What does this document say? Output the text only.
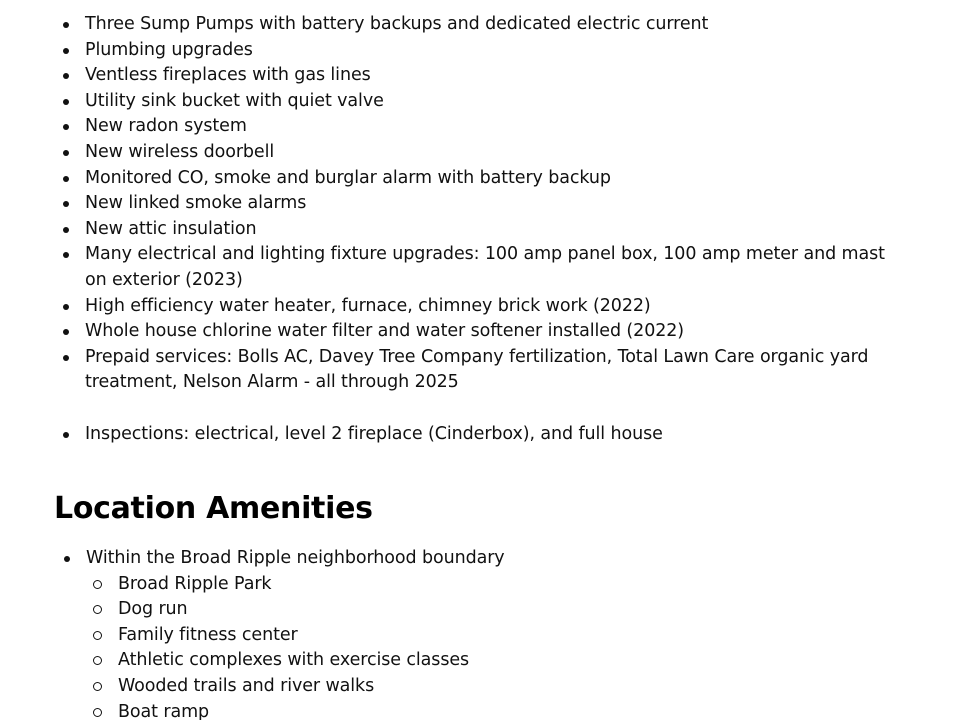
Three Sump Pumps with battery backups and dedicated electric current
Plumbing upgrades
Ventless fireplaces with gas lines
Utility sink bucket with quiet valve
New radon system
New wireless doorbell
Monitored CO, smoke and burglar alarm with battery backup
New linked smoke alarms
New attic insulation
Many electrical and lighting fixture upgrades: 100 amp panel box, 100 amp meter and mast on exterior (2023)
High efficiency water heater, furnace, chimney brick work (2022)
Whole house chlorine water filter and water softener installed (2022)
Prepaid services: Bolls AC, Davey Tree Company fertilization, Total Lawn Care organic yard treatment, Nelson Alarm - all through 2025
Inspections: electrical, level 2 fireplace (Cinderbox), and full house
Location Amenities
Within the Broad Ripple neighborhood boundary
Broad Ripple Park
Dog run
Family fitness center
Athletic complexes with exercise classes
Wooded trails and river walks
Boat ramp
